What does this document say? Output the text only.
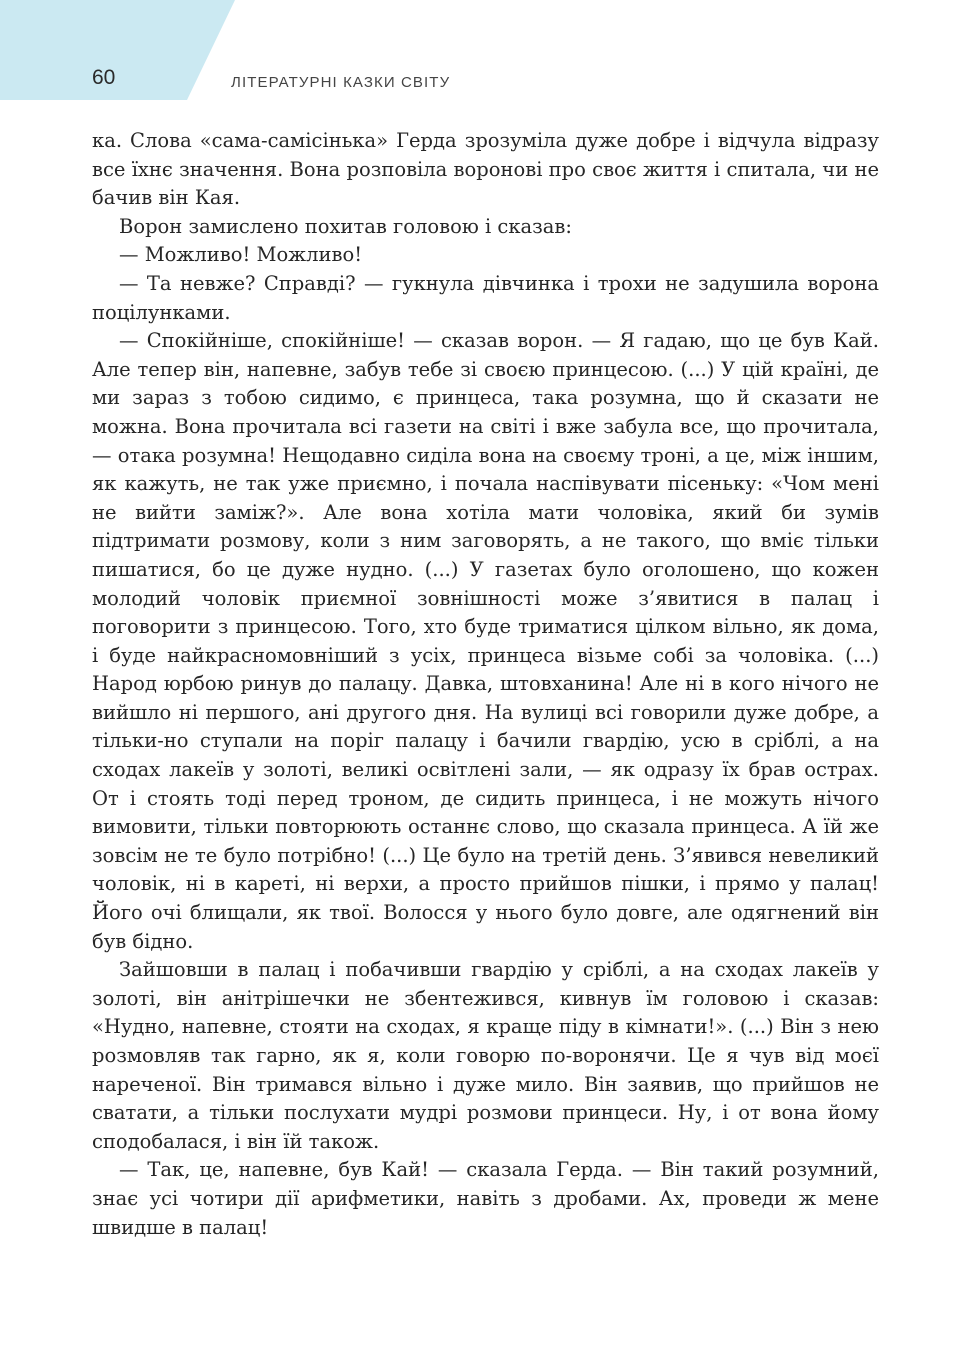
60	ЛІТЕРАТУРНІ КАЗКИ СВІТУ

ка. Слова «сама-самісінька» Герда зрозуміла дуже добре і відчула відразу все їхнє значення. Вона розповіла воронові про своє життя і спитала, чи не бачив він Кая.

Ворон замислено похитав головою і сказав:

— Можливо! Можливо!

— Та невже? Справді? — гукнула дівчинка і трохи не задушила ворона поцілунками.

— Спокійніше, спокійніше! — сказав ворон. — Я гадаю, що це був Кай. Але тепер він, напевне, забув тебе зі своєю принцесою. (...) У цій країні, де ми зараз з тобою сидимо, є принцеса, така розумна, що й сказати не можна. Вона прочитала всі газети на світі і вже забула все, що прочитала, — отака розумна! Нещодавно сиділа вона на своєму троні, а це, між іншим, як кажуть, не так уже приємно, і почала наспівувати пісеньку: «Чом мені не вийти заміж?». Але вона хотіла мати чоловіка, який би зумів підтримати розмову, коли з ним заговорять, а не такого, що вміє тільки пишатися, бо це дуже нудно. (...) У газетах було оголошено, що кожен молодий чоловік приємної зовнішності може з’явитися в палац і поговорити з принцесою. Того, хто буде триматися цілком вільно, як дома, і буде найкрасномовніший з усіх, принцеса візьме собі за чоловіка. (...) Народ юрбою ринув до палацу. Давка, штовханина! Але ні в кого нічого не вийшло ні першого, ані другого дня. На вулиці всі говорили дуже добре, а тільки-но ступали на поріг палацу і бачили гвардію, усю в сріблі, а на сходах лакеїв у золоті, великі освітлені зали, — як одразу їх брав острах. От і стоять тоді перед троном, де сидить принцеса, і не можуть нічого вимовити, тільки повторюють останнє слово, що сказала принцеса. А їй же зовсім не те було потрібно! (...) Це було на третій день. З’явився невеликий чоловік, ні в кареті, ні верхи, а просто прийшов пішки, і прямо у палац! Його очі блищали, як твої. Волосся у нього було довге, але одягнений він був бідно.

Зайшовши в палац і побачивши гвардію у сріблі, а на сходах лакеїв у золоті, він анітрішечки не збентежився, кивнув їм головою і сказав: «Нудно, напевне, стояти на сходах, я краще піду в кімнати!». (...) Він з нею розмовляв так гарно, як я, коли говорю по-воронячи. Це я чув від моєї нареченої. Він тримався вільно і дуже мило. Він заявив, що прийшов не сватати, а тільки послухати мудрі розмови принцеси. Ну, і от вона йому сподобалася, і він їй також.

— Так, це, напевне, був Кай! — сказала Герда. — Він такий розумний, знає усі чотири дії арифметики, навіть з дробами. Ах, проведи ж мене швидше в палац!
